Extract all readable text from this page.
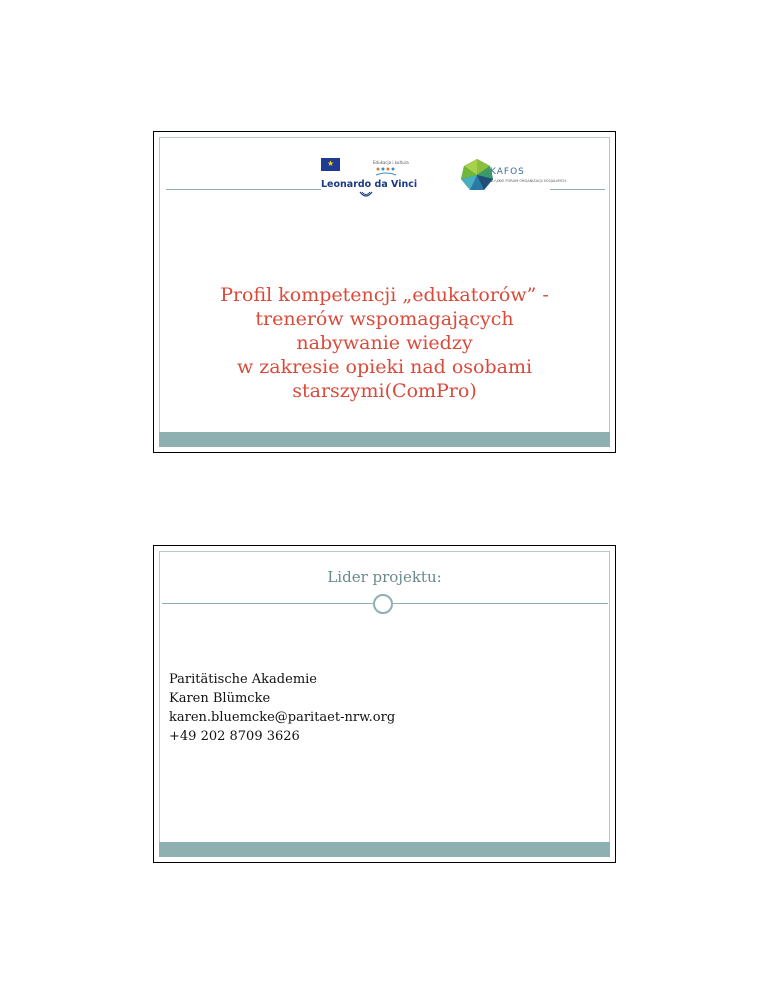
★	Edukacja i kultura
Leonardo da Vinci
KAFOS
ŚLĄSKIE FORUM ORGANIZACJI SOCJALNYCH
Profil kompetencji „edukatorów” -
trenerów wspomagających
nabywanie wiedzy
w zakresie opieki nad osobami
starszymi(ComPro)
Lider projektu:
Paritätische Akademie
Karen Blümcke
karen.bluemcke@paritaet-nrw.org
+49 202 8709 3626
